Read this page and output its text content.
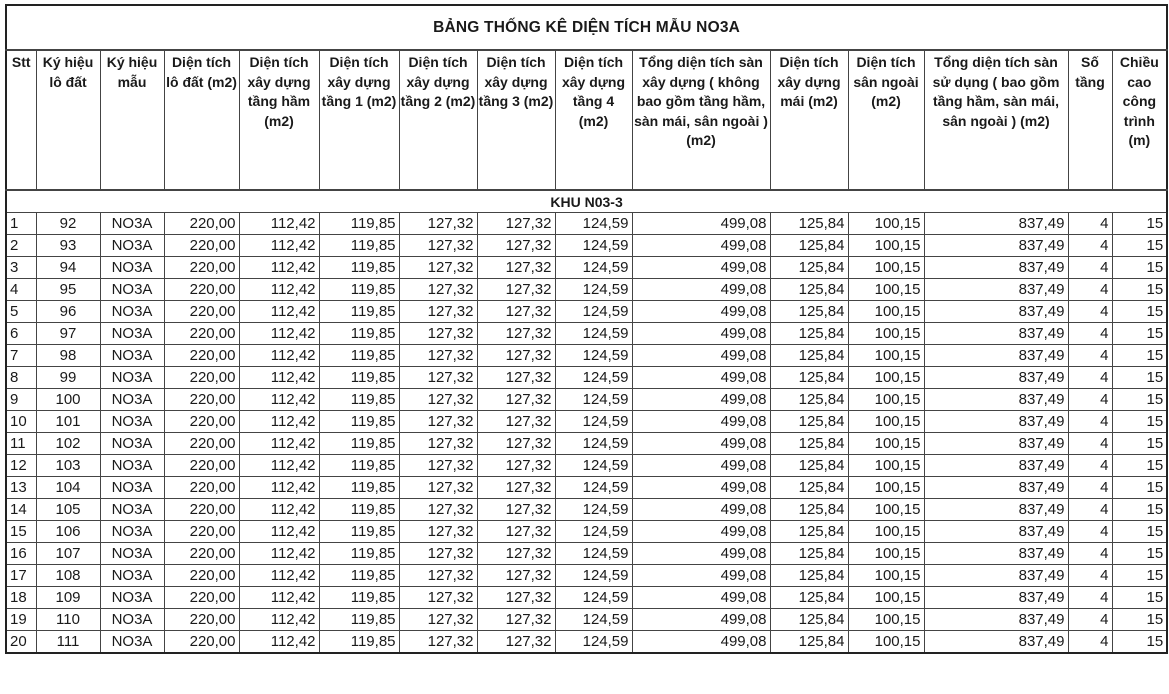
BẢNG THỐNG KÊ DIỆN TÍCH MẪU NO3A														
Stt	Ký hiệu lô đất	Ký hiệu mẫu	Diện tích lô đất (m2)	Diện tích xây dựng tầng hầm (m2)	Diện tích xây dựng tầng 1 (m2)	Diện tích xây dựng tầng 2 (m2)	Diện tích xây dựng tầng 3 (m2)	Diện tích xây dựng tầng 4 (m2)	Tổng diện tích sàn xây dựng ( không bao gồm tầng hầm, sàn mái, sân ngoài ) (m2)	Diện tích xây dựng mái (m2)	Diện tích sân ngoài (m2)	Tổng diện tích sàn sử dụng ( bao gồm tầng hầm, sàn mái, sân ngoài ) (m2)	Số tầng	Chiều cao công trình (m)
KHU N03-3														
1	92	NO3A	220,00	112,42	119,85	127,32	127,32	124,59	499,08	125,84	100,15	837,49	4	15
2	93	NO3A	220,00	112,42	119,85	127,32	127,32	124,59	499,08	125,84	100,15	837,49	4	15
3	94	NO3A	220,00	112,42	119,85	127,32	127,32	124,59	499,08	125,84	100,15	837,49	4	15
4	95	NO3A	220,00	112,42	119,85	127,32	127,32	124,59	499,08	125,84	100,15	837,49	4	15
5	96	NO3A	220,00	112,42	119,85	127,32	127,32	124,59	499,08	125,84	100,15	837,49	4	15
6	97	NO3A	220,00	112,42	119,85	127,32	127,32	124,59	499,08	125,84	100,15	837,49	4	15
7	98	NO3A	220,00	112,42	119,85	127,32	127,32	124,59	499,08	125,84	100,15	837,49	4	15
8	99	NO3A	220,00	112,42	119,85	127,32	127,32	124,59	499,08	125,84	100,15	837,49	4	15
9	100	NO3A	220,00	112,42	119,85	127,32	127,32	124,59	499,08	125,84	100,15	837,49	4	15
10	101	NO3A	220,00	112,42	119,85	127,32	127,32	124,59	499,08	125,84	100,15	837,49	4	15
11	102	NO3A	220,00	112,42	119,85	127,32	127,32	124,59	499,08	125,84	100,15	837,49	4	15
12	103	NO3A	220,00	112,42	119,85	127,32	127,32	124,59	499,08	125,84	100,15	837,49	4	15
13	104	NO3A	220,00	112,42	119,85	127,32	127,32	124,59	499,08	125,84	100,15	837,49	4	15
14	105	NO3A	220,00	112,42	119,85	127,32	127,32	124,59	499,08	125,84	100,15	837,49	4	15
15	106	NO3A	220,00	112,42	119,85	127,32	127,32	124,59	499,08	125,84	100,15	837,49	4	15
16	107	NO3A	220,00	112,42	119,85	127,32	127,32	124,59	499,08	125,84	100,15	837,49	4	15
17	108	NO3A	220,00	112,42	119,85	127,32	127,32	124,59	499,08	125,84	100,15	837,49	4	15
18	109	NO3A	220,00	112,42	119,85	127,32	127,32	124,59	499,08	125,84	100,15	837,49	4	15
19	110	NO3A	220,00	112,42	119,85	127,32	127,32	124,59	499,08	125,84	100,15	837,49	4	15
20	111	NO3A	220,00	112,42	119,85	127,32	127,32	124,59	499,08	125,84	100,15	837,49	4	15
